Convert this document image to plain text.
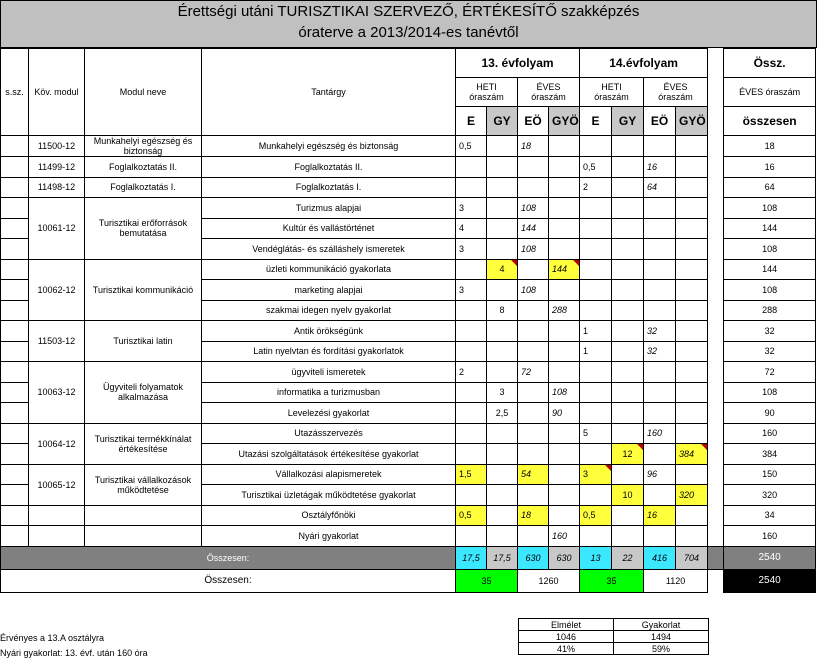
Érettségi utáni TURISZTIKAI SZERVEZŐ, ÉRTÉKESÍTŐ szakképzés
óraterve a 2013/2014-es tanévtől
s.sz.	Köv. modul	Modul neve	Tantárgy	13. évfolyam				14.évfolyam					Össz.
				HETI óraszám		ÉVES óraszám		HETI óraszám		ÉVES óraszám			ÉVES óraszám
				E	GY	EÖ	GYÖ	E	GY	EÖ	GYÖ		összesen
	11500-12	Munkahelyi egészség és biztonság	Munkahelyi egészség és biztonság	0,5		18							18
	11499-12	Foglalkoztatás II.	Foglalkoztatás II.					0,5		16			16
	11498-12	Foglalkoztatás I.	Foglalkoztatás I.					2		64			64
	10061-12	Turisztikai erőforrások bemutatása	Turizmus alapjai	3		108							108
			Kultúr és vallástörténet	4		144							144
			Vendéglátás- és szálláshely ismeretek	3		108							108
	10062-12	Turisztikai kommunikáció	üzleti kommunikáció gyakorlata		4		144						144
			marketing alapjai	3		108							108
			szakmai idegen nyelv gyakorlat		8		288						288
	11503-12	Turisztikai latin	Antik örökségünk					1		32			32
			Latin nyelvtan és fordítási gyakorlatok					1		32			32
	10063-12	Ügyviteli folyamatok alkalmazása	ügyviteli ismeretek	2		72							72
			informatika a turizmusban		3		108						108
			Levelezési gyakorlat		2,5		90						90
	10064-12	Turisztikai termékkínálat értékesítése	Utazásszervezés					5		160			160
			Utazási szolgáltatások értékesítése gyakorlat						12		384		384
	10065-12	Turisztikai vállalkozások működtetése	Vállalkozási alapismeretek	1,5		54		3		96			150
			Turisztikai üzletágak működtetése gyakorlat						10		320		320
			Osztályfőnöki	0,5		18		0,5		16			34
			Nyári gyakorlat				160						160
Összesen:				17,5	17,5	630	630	13	22	416	704		2540
Összesen:				35		1260		35		1120			2540
Érvényes a 13.A osztályra
Nyári gyakorlat: 13. évf. után 160 óra
Elmélet	Gyakorlat
1046	1494
41%	59%
